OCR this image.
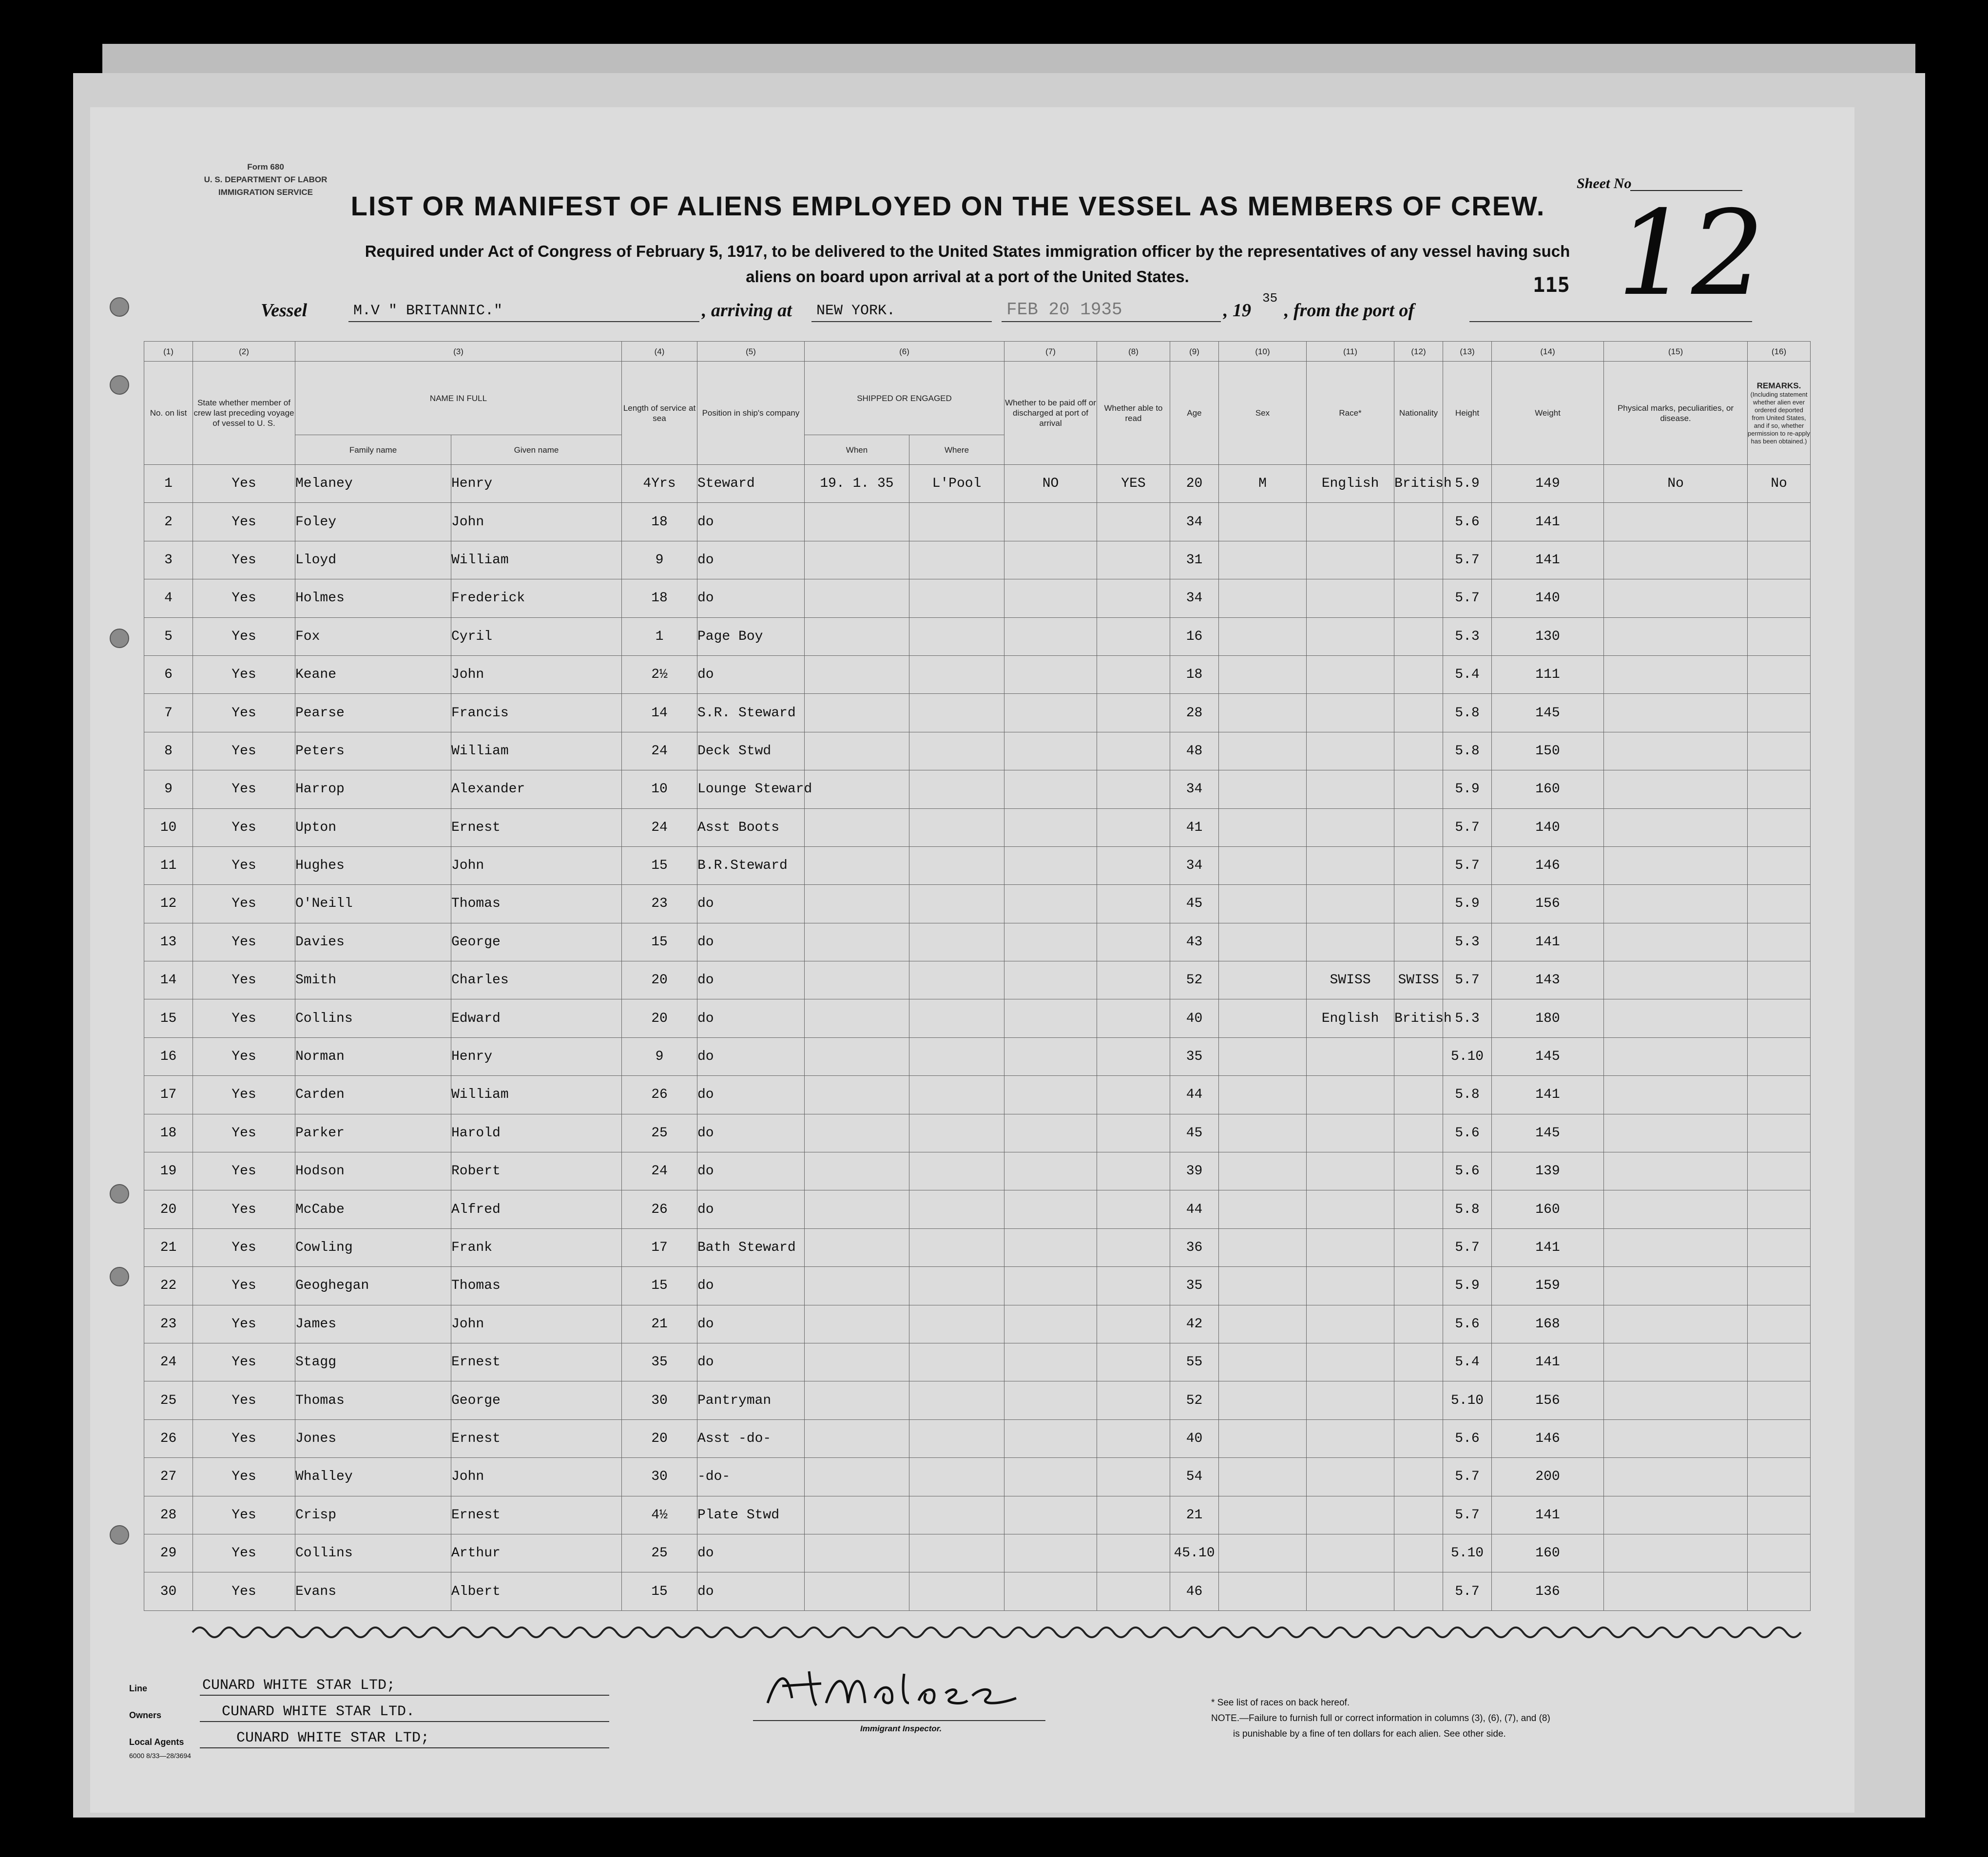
Form 680
U. S. DEPARTMENT OF LABOR
IMMIGRATION SERVICE	LIST OR MANIFEST OF ALIENS EMPLOYED ON THE VESSEL AS MEMBERS OF CREW.
Required under Act of Congress of February 5, 1917, to be delivered to the United States immigration officer by the representatives of any vessel having such
aliens on board upon arrival at a port of the United States.
Sheet No
12
115
Vessel	M.V " BRITANNIC."	, arriving at NEW YORK.	FEB 20 1935	, 19
35
, from the port of
(1)	(2)	(3)		(4)	(5)	(6)		(7)	(8)	(9)	(10)	(11)	(12)	(13)	(14)	(15)	(16)
No. on list	State whether member of crew last preceding voyage of vessel to U. S.	NAME IN FULL		Length of service at sea	Position in ship's company	SHIPPED OR ENGAGED		Whether to be paid off or discharged at port of arrival	Whether able to read	Age	Sex	Race*	Nationality	Height	Weight	Physical marks, peculiarities, or disease.	REMARKS.
(Including statement whether alien ever ordered deported from United States, and if so, whether permission to re-apply has been obtained.)

		Family name	Given name			When	Where										
1	Yes	Melaney	Henry	4Yrs	Steward	19. 1. 35	L'Pool	NO	YES	20	M	English	British	5.9	149	No	No
2	Yes	Foley	John	18	do					34				5.6	141		
3	Yes	Lloyd	William	9	do					31				5.7	141		
4	Yes	Holmes	Frederick	18	do					34				5.7	140		
5	Yes	Fox	Cyril	1	Page Boy					16				5.3	130		
6	Yes	Keane	John	2½	do					18				5.4	111		
7	Yes	Pearse	Francis	14	S.R. Steward					28				5.8	145		
8	Yes	Peters	William	24	Deck Stwd					48				5.8	150		
9	Yes	Harrop	Alexander	10	Lounge Steward					34				5.9	160		
10	Yes	Upton	Ernest	24	Asst Boots					41				5.7	140		
11	Yes	Hughes	John	15	B.R.Steward					34				5.7	146		
12	Yes	O'Neill	Thomas	23	do					45				5.9	156		
13	Yes	Davies	George	15	do					43				5.3	141		
14	Yes	Smith	Charles	20	do					52		SWISS	SWISS	5.7	143		
15	Yes	Collins	Edward	20	do					40		English	British	5.3	180		
16	Yes	Norman	Henry	9	do					35				5.10	145		
17	Yes	Carden	William	26	do					44				5.8	141		
18	Yes	Parker	Harold	25	do					45				5.6	145		
19	Yes	Hodson	Robert	24	do					39				5.6	139		
20	Yes	McCabe	Alfred	26	do					44				5.8	160		
21	Yes	Cowling	Frank	17	Bath Steward					36				5.7	141		
22	Yes	Geoghegan	Thomas	15	do					35				5.9	159		
23	Yes	James	John	21	do					42				5.6	168		
24	Yes	Stagg	Ernest	35	do					55				5.4	141		
25	Yes	Thomas	George	30	Pantryman					52				5.10	156		
26	Yes	Jones	Ernest	20	Asst -do-					40				5.6	146		
27	Yes	Whalley	John	30	-do-					54				5.7	200		
28	Yes	Crisp	Ernest	4½	Plate Stwd					21				5.7	141		
29	Yes	Collins	Arthur	25	do					45.10				5.10	160		
30	Yes	Evans	Albert	15	do					46				5.7	136		
Line	CUNARD WHITE STAR LTD;
Owners	CUNARD WHITE STAR LTD.
Local Agents	CUNARD WHITE STAR LTD;
6000 8/33—28/3694
H.M. Malone
Immigrant Inspector.
* See list of races on back hereof.
NOTE.—Failure to furnish full or correct information in columns (3), (6), (7), and (8)
is punishable by a fine of ten dollars for each alien. See other side.
